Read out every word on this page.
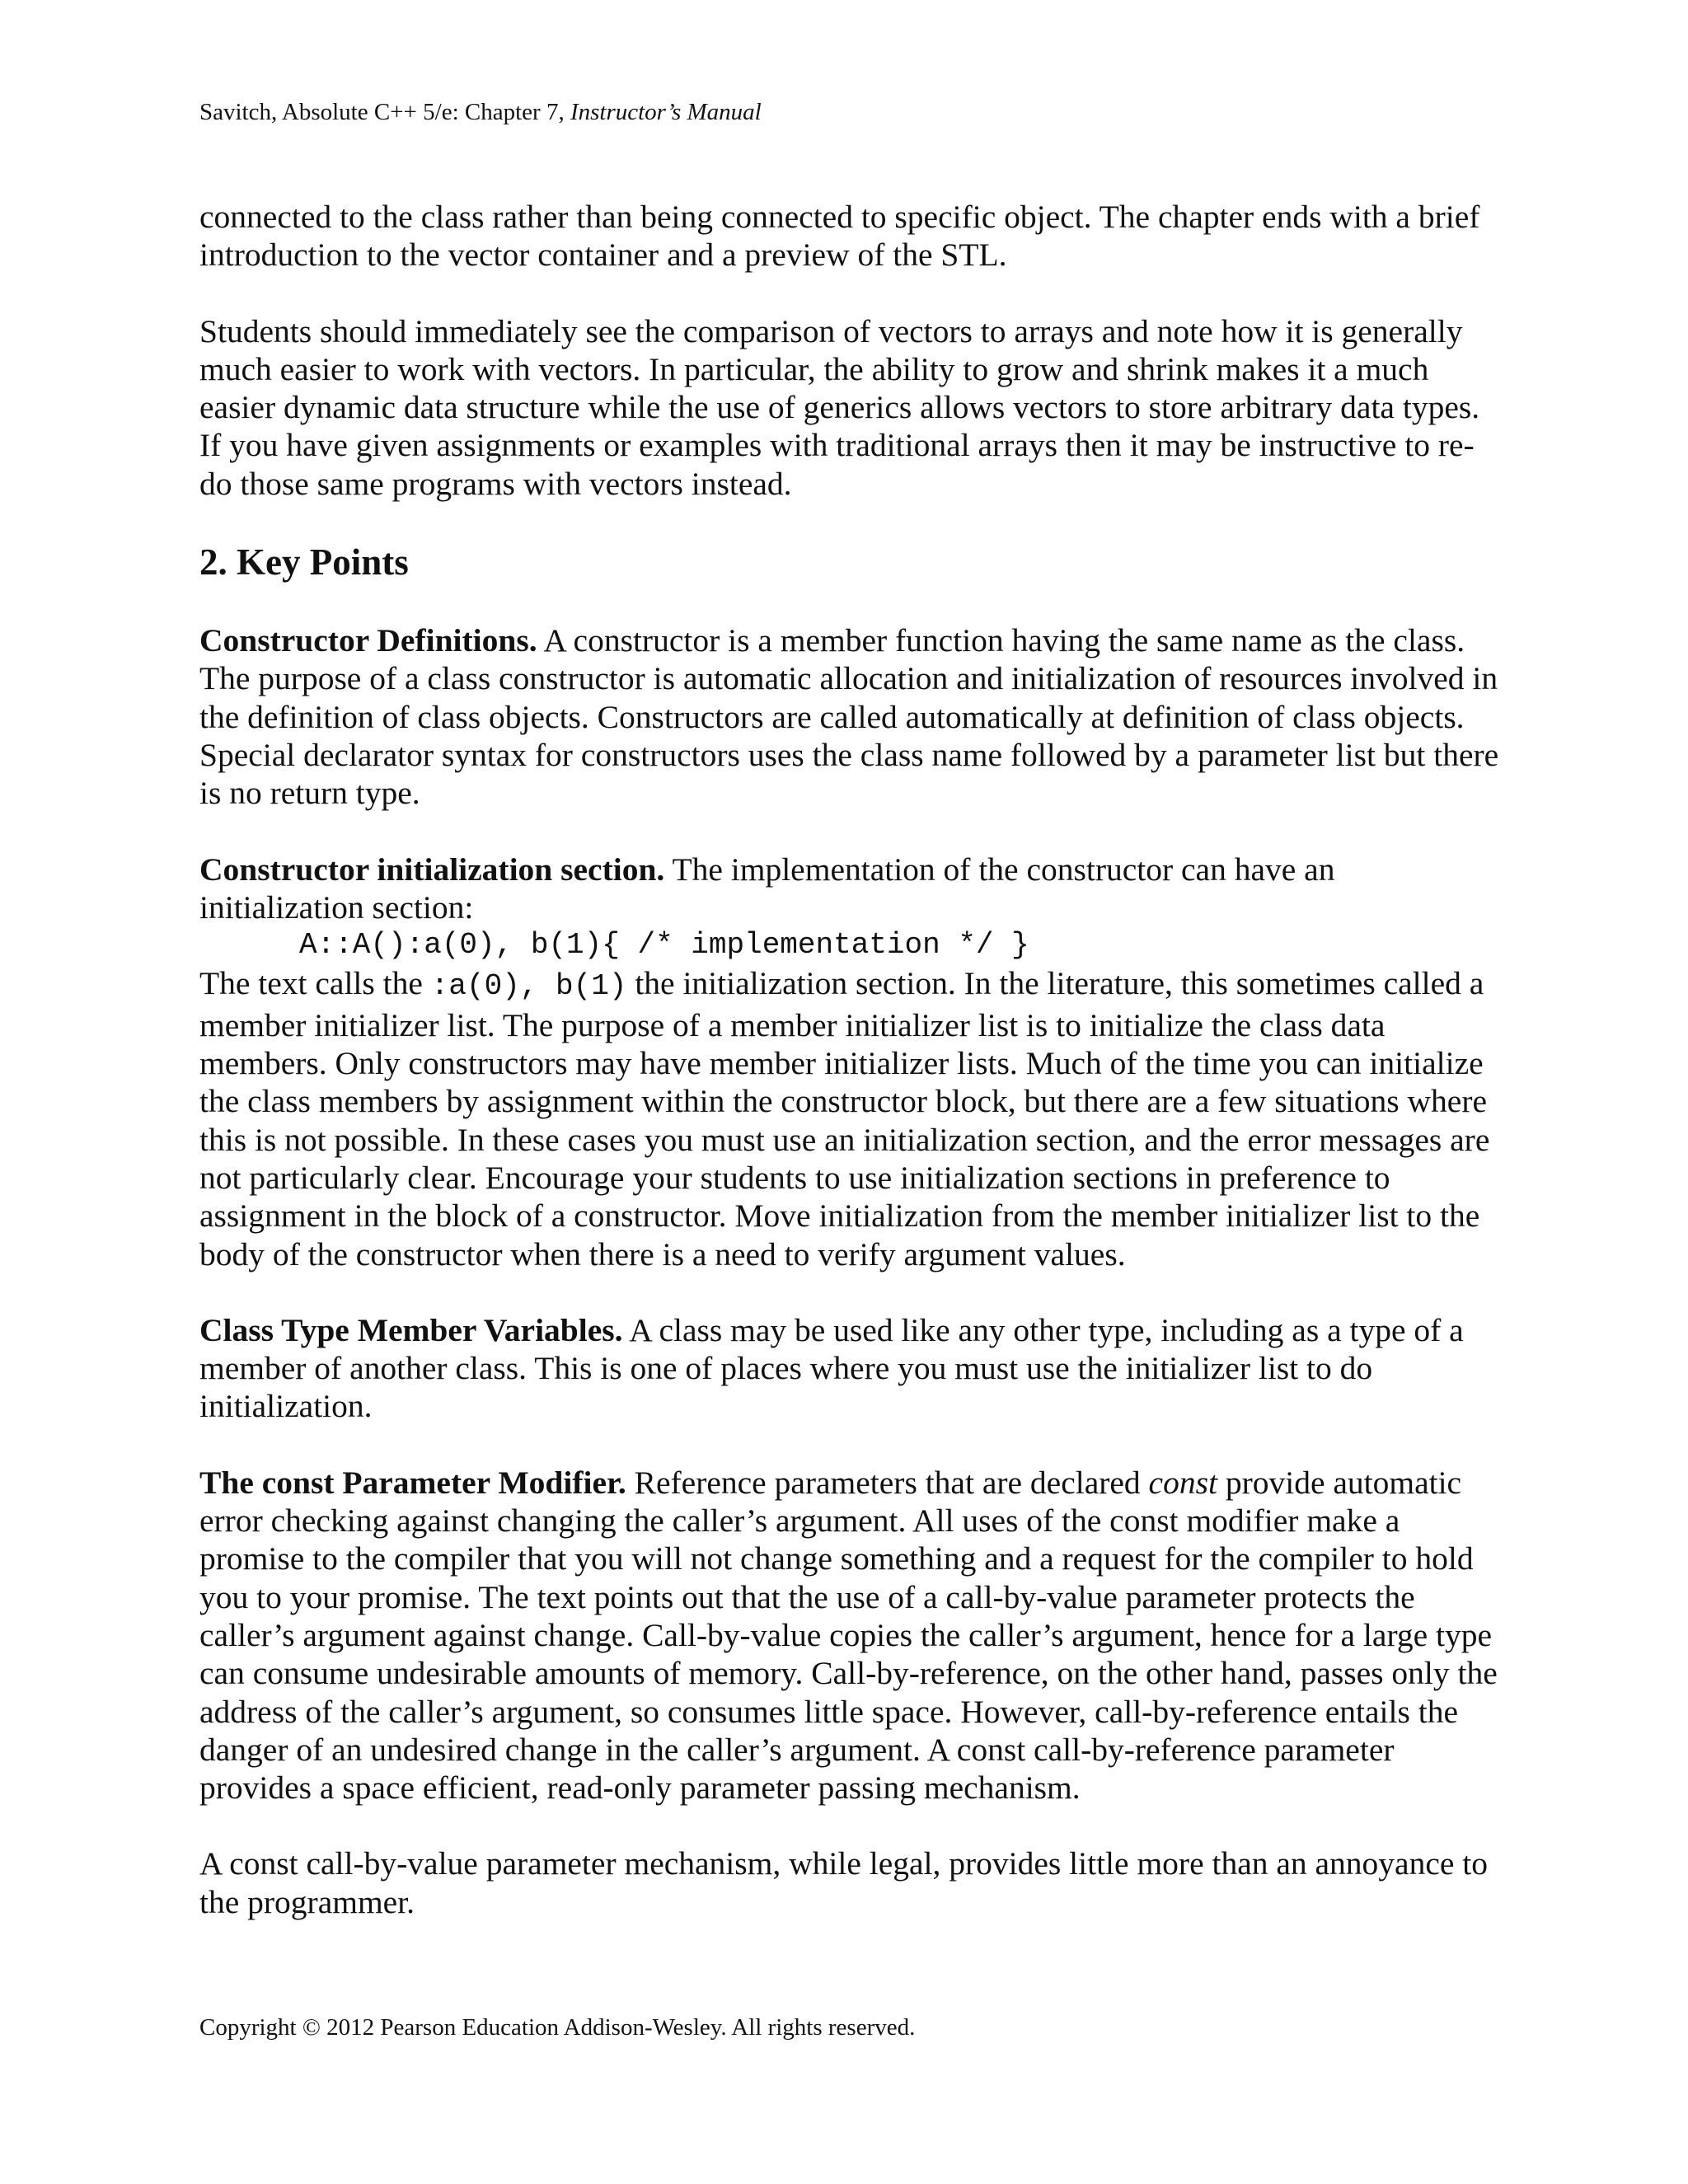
Savitch, Absolute C++ 5/e: Chapter 7, Instructor’s Manual

connected to the class rather than being connected to specific object. The chapter ends with a brief introduction to the vector container and a preview of the STL.

Students should immediately see the comparison of vectors to arrays and note how it is generally much easier to work with vectors. In particular, the ability to grow and shrink makes it a much easier dynamic data structure while the use of generics allows vectors to store arbitrary data types. If you have given assignments or examples with traditional arrays then it may be instructive to re-do those same programs with vectors instead.

2. Key Points

Constructor Definitions. A constructor is a member function having the same name as the class. The purpose of a class constructor is automatic allocation and initialization of resources involved in the definition of class objects. Constructors are called automatically at definition of class objects. Special declarator syntax for constructors uses the class name followed by a parameter list but there is no return type.

Constructor initialization section. The implementation of the constructor can have an initialization section:
A::A():a(0), b(1){ /* implementation */ }
The text calls the :a(0), b(1) the initialization section. In the literature, this sometimes called a member initializer list. The purpose of a member initializer list is to initialize the class data members. Only constructors may have member initializer lists. Much of the time you can initialize the class members by assignment within the constructor block, but there are a few situations where this is not possible. In these cases you must use an initialization section, and the error messages are not particularly clear. Encourage your students to use initialization sections in preference to assignment in the block of a constructor. Move initialization from the member initializer list to the body of the constructor when there is a need to verify argument values.

Class Type Member Variables. A class may be used like any other type, including as a type of a member of another class. This is one of places where you must use the initializer list to do initialization.

The const Parameter Modifier. Reference parameters that are declared const provide automatic error checking against changing the caller’s argument. All uses of the const modifier make a promise to the compiler that you will not change something and a request for the compiler to hold you to your promise. The text points out that the use of a call-by-value parameter protects the caller’s argument against change. Call-by-value copies the caller’s argument, hence for a large type can consume undesirable amounts of memory. Call-by-reference, on the other hand, passes only the address of the caller’s argument, so consumes little space. However, call-by-reference entails the danger of an undesired change in the caller’s argument. A const call-by-reference parameter provides a space efficient, read-only parameter passing mechanism.

A const call-by-value parameter mechanism, while legal, provides little more than an annoyance to the programmer.

Copyright © 2012 Pearson Education Addison-Wesley. All rights reserved.
